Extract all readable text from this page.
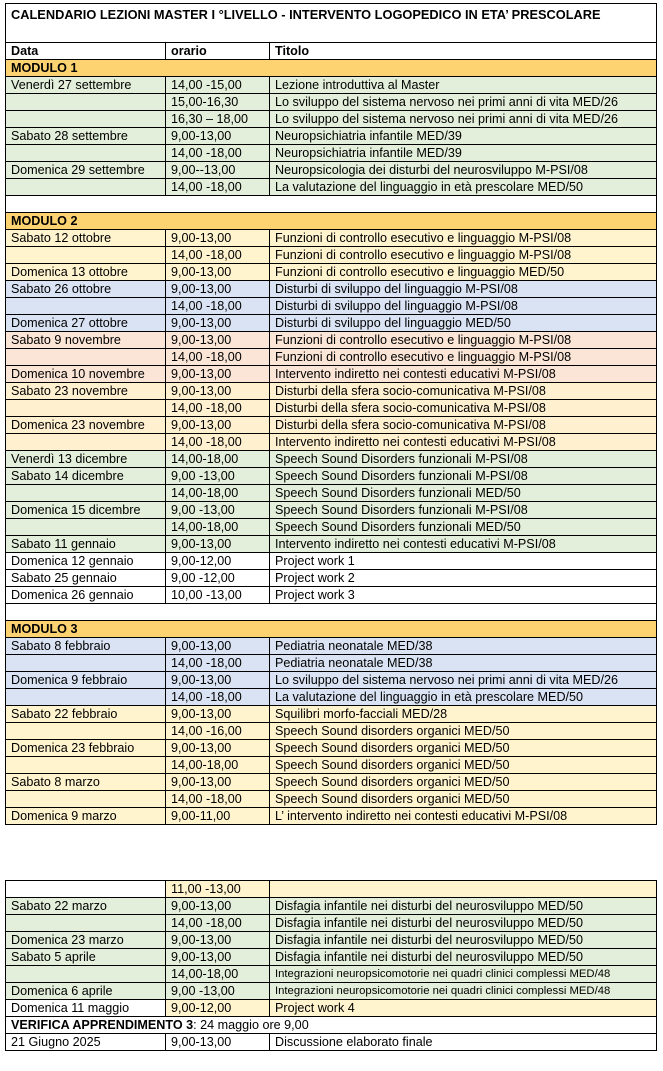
CALENDARIO LEZIONI MASTER I °LIVELLO - INTERVENTO LOGOPEDICO IN ETA’ PRESCOLARE		
Data	orario	Titolo
MODULO 1		
Venerdì 27 settembre	14,00 -15,00	Lezione introduttiva al Master
	15,00-16,30	Lo sviluppo del sistema nervoso nei primi anni di vita MED/26
	16,30 – 18,00	Lo sviluppo del sistema nervoso nei primi anni di vita MED/26
Sabato 28 settembre	9,00-13,00	Neuropsichiatria infantile MED/39
	14,00 -18,00	Neuropsichiatria infantile MED/39
Domenica 29 settembre	9,00--13,00	Neuropsicologia dei disturbi del neurosviluppo M-PSI/08
	14,00 -18,00	La valutazione del linguaggio in età prescolare MED/50

MODULO 2		
Sabato 12 ottobre	9,00-13,00	Funzioni di controllo esecutivo e linguaggio M-PSI/08
	14,00 -18,00	Funzioni di controllo esecutivo e linguaggio M-PSI/08
Domenica 13 ottobre	9,00-13,00	Funzioni di controllo esecutivo e linguaggio MED/50
Sabato 26 ottobre	9,00-13,00	Disturbi di sviluppo del linguaggio M-PSI/08
	14,00 -18,00	Disturbi di sviluppo del linguaggio M-PSI/08
Domenica 27 ottobre	9,00-13,00	Disturbi di sviluppo del linguaggio MED/50
Sabato 9 novembre	9,00-13,00	Funzioni di controllo esecutivo e linguaggio M-PSI/08
	14,00 -18,00	Funzioni di controllo esecutivo e linguaggio M-PSI/08
Domenica 10 novembre	9,00-13,00	Intervento indiretto nei contesti educativi M-PSI/08
Sabato 23 novembre	9,00-13,00	Disturbi della sfera socio-comunicativa M-PSI/08
	14,00 -18,00	Disturbi della sfera socio-comunicativa M-PSI/08
Domenica 23 novembre	9,00-13,00	Disturbi della sfera socio-comunicativa M-PSI/08
	14,00 -18,00	Intervento indiretto nei contesti educativi M-PSI/08
Venerdì 13 dicembre	14,00-18,00	Speech Sound Disorders funzionali M-PSI/08
Sabato 14 dicembre	9,00 -13,00	Speech Sound Disorders funzionali M-PSI/08
	14,00-18,00	Speech Sound Disorders funzionali MED/50
Domenica 15 dicembre	9,00 -13,00	Speech Sound Disorders funzionali M-PSI/08
	14,00-18,00	Speech Sound Disorders funzionali MED/50
Sabato 11 gennaio	9,00-13,00	Intervento indiretto nei contesti educativi M-PSI/08
Domenica 12 gennaio	9,00-12,00	Project work 1
Sabato 25 gennaio	9,00 -12,00	Project work 2
Domenica 26 gennaio	10,00 -13,00	Project work 3

MODULO 3		
Sabato 8 febbraio	9,00-13,00	Pediatria neonatale MED/38
	14,00 -18,00	Pediatria neonatale MED/38
Domenica 9 febbraio	9,00-13,00	Lo sviluppo del sistema nervoso nei primi anni di vita MED/26
	14,00 -18,00	La valutazione del linguaggio in età prescolare MED/50
Sabato 22 febbraio	9,00-13,00	Squilibri morfo-facciali MED/28
	14,00 -16,00	Speech Sound disorders organici MED/50
Domenica 23 febbraio	9,00-13,00	Speech Sound disorders organici MED/50
	14,00-18,00	Speech Sound disorders organici MED/50
Sabato 8 marzo	9,00-13,00	Speech Sound disorders organici MED/50
	14,00 -18,00	Speech Sound disorders organici MED/50
Domenica 9 marzo	9,00-11,00	L’ intervento indiretto nei contesti educativi M-PSI/08
	11,00 -13,00	
Sabato 22 marzo	9,00-13,00	Disfagia infantile nei disturbi del neurosviluppo MED/50
	14,00 -18,00	Disfagia infantile nei disturbi del neurosviluppo MED/50
Domenica 23 marzo	9,00-13,00	Disfagia infantile nei disturbi del neurosviluppo MED/50
Sabato 5 aprile	9,00-13,00	Disfagia infantile nei disturbi del neurosviluppo MED/50
	14,00-18,00	Integrazioni neuropsicomotorie nei quadri clinici complessi MED/48
Domenica 6 aprile	9,00 -13,00	Integrazioni neuropsicomotorie nei quadri clinici complessi MED/48
Domenica 11 maggio	9,00-12,00	Project work 4
VERIFICA APPRENDIMENTO 3: 24 maggio ore 9,00		
21 Giugno 2025	9,00-13,00	Discussione elaborato finale
